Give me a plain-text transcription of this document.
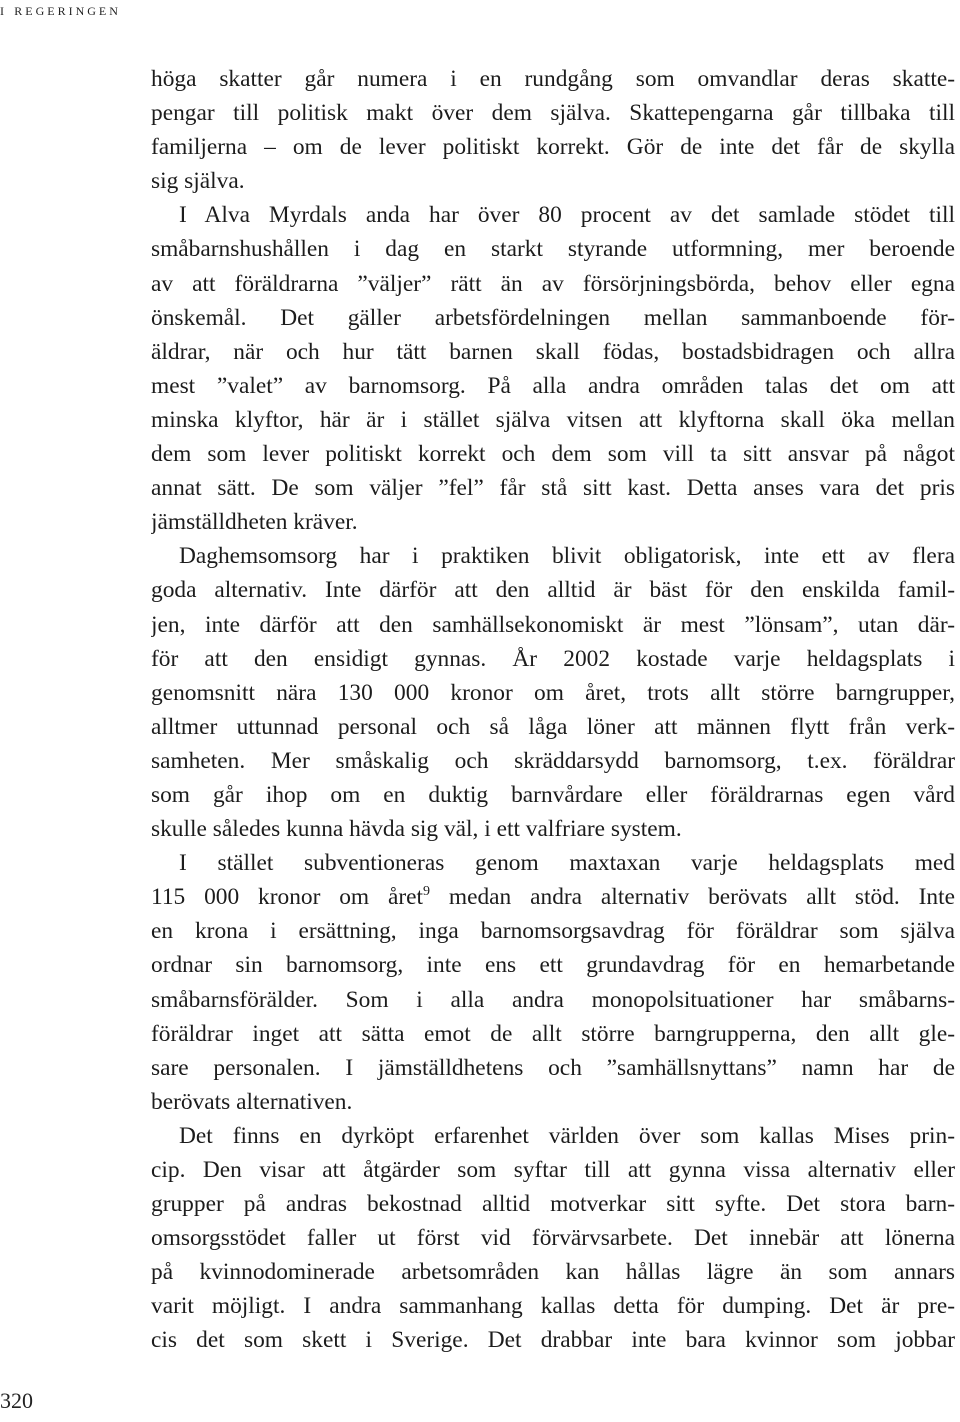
i regeringen
höga skatter går numera i en rundgång som omvandlar deras skatte-
pengar till politisk makt över dem själva. Skattepengarna går tillbaka till
familjerna – om de lever politiskt korrekt. Gör de inte det får de skylla
sig själva.
I Alva Myrdals anda har över 80 procent av det samlade stödet till
småbarnshushållen i dag en starkt styrande utformning, mer beroende
av att föräldrarna ”väljer” rätt än av försörjningsbörda, behov eller egna
önskemål. Det gäller arbetsfördelningen mellan sammanboende för-
äldrar, när och hur tätt barnen skall födas, bostadsbidragen och allra
mest ”valet” av barnomsorg. På alla andra områden talas det om att
minska klyftor, här är i stället själva vitsen att klyftorna skall öka mellan
dem som lever politiskt korrekt och dem som vill ta sitt ansvar på något
annat sätt. De som väljer ”fel” får stå sitt kast. Detta anses vara det pris
jämställdheten kräver.
Daghemsomsorg har i praktiken blivit obligatorisk, inte ett av flera
goda alternativ. Inte därför att den alltid är bäst för den enskilda famil-
jen, inte därför att den samhällsekonomiskt är mest ”lönsam”, utan där-
för att den ensidigt gynnas. År 2002 kostade varje heldagsplats i
genomsnitt nära 130 000 kronor om året, trots allt större barngrupper,
alltmer uttunnad personal och så låga löner att männen flytt från verk-
samheten. Mer småskalig och skräddarsydd barnomsorg, t.ex. föräldrar
som går ihop om en duktig barnvårdare eller föräldrarnas egen vård
skulle således kunna hävda sig väl, i ett valfriare system.
I stället subventioneras genom maxtaxan varje heldagsplats med
115 000 kronor om året$^9$ medan andra alternativ berövats allt stöd. Inte
en krona i ersättning, inga barnomsorgsavdrag för föräldrar som själva
ordnar sin barnomsorg, inte ens ett grundavdrag för en hemarbetande
småbarnsförälder. Som i alla andra monopolsituationer har småbarns-
föräldrar inget att sätta emot de allt större barngrupperna, den allt gle-
sare personalen. I jämställdhetens och ”samhällsnyttans” namn har de
berövats alternativen.
Det finns en dyrköpt erfarenhet världen över som kallas Mises prin-
cip. Den visar att åtgärder som syftar till att gynna vissa alternativ eller
grupper på andras bekostnad alltid motverkar sitt syfte. Det stora barn-
omsorgsstödet faller ut först vid förvärvsarbete. Det innebär att lönerna
på kvinnodominerade arbetsområden kan hållas lägre än som annars
varit möjligt. I andra sammanhang kallas detta för dumping. Det är pre-
cis det som skett i Sverige. Det drabbar inte bara kvinnor som jobbar
320
